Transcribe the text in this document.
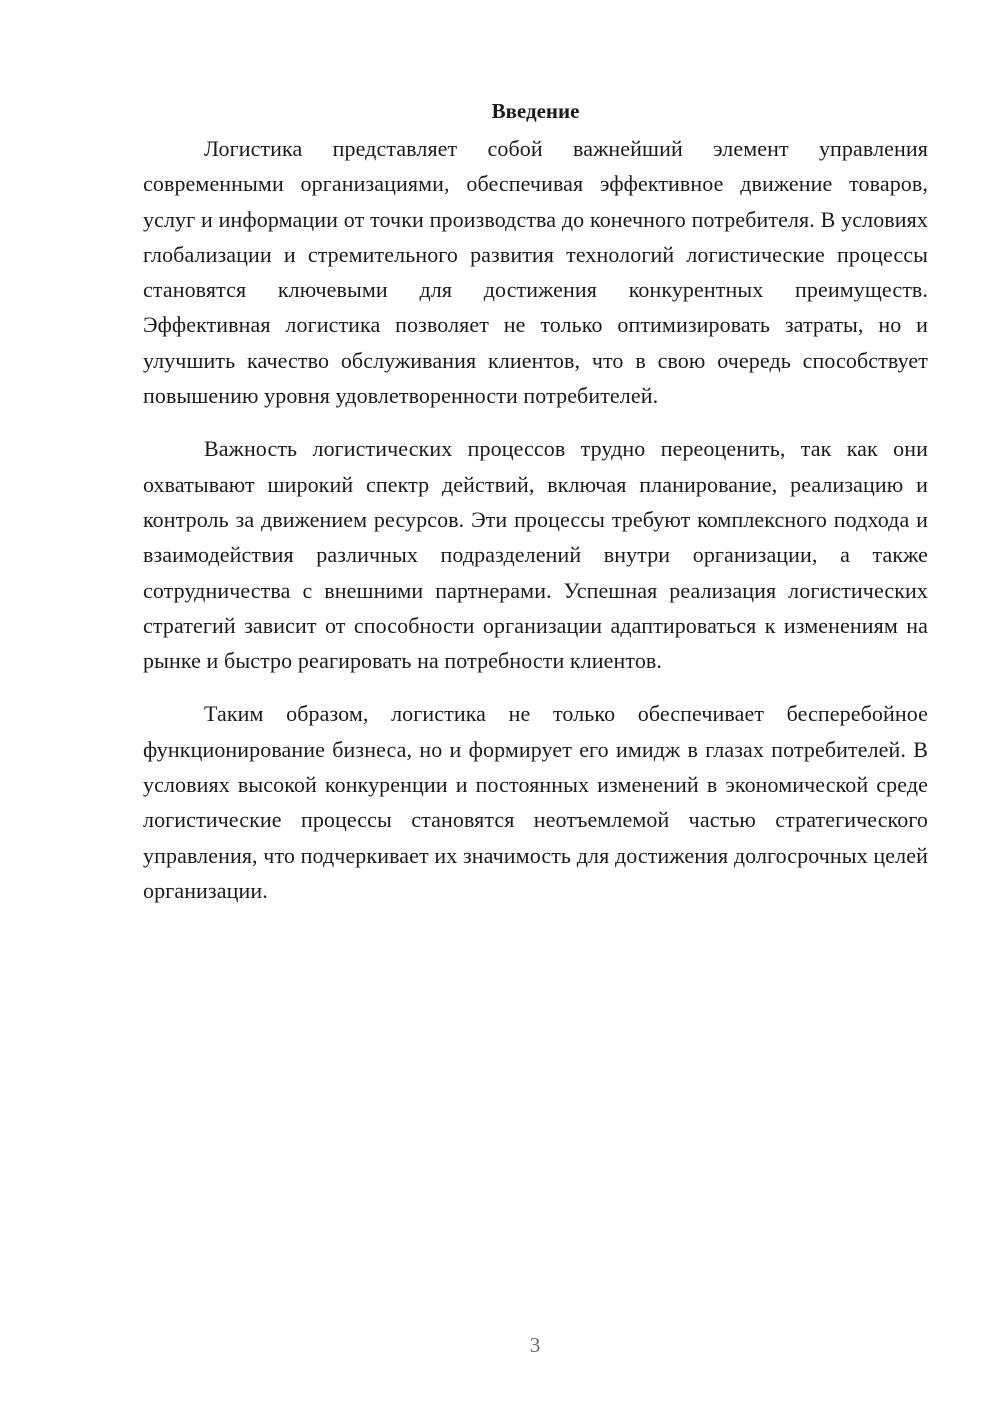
Введение

Логистика представляет собой важнейший элемент управления современными организациями, обеспечивая эффективное движение товаров, услуг и информации от точки производства до конечного потребителя. В условиях глобализации и стремительного развития технологий логистические процессы становятся ключевыми для достижения конкурентных преимуществ. Эффективная логистика позволяет не только оптимизировать затраты, но и улучшить качество обслуживания клиентов, что в свою очередь способствует повышению уровня удовлетворенности потребителей.

Важность логистических процессов трудно переоценить, так как они охватывают широкий спектр действий, включая планирование, реализацию и контроль за движением ресурсов. Эти процессы требуют комплексного подхода и взаимодействия различных подразделений внутри организации, а также сотрудничества с внешними партнерами. Успешная реализация логистических стратегий зависит от способности организации адаптироваться к изменениям на рынке и быстро реагировать на потребности клиентов.

Таким образом, логистика не только обеспечивает бесперебойное функционирование бизнеса, но и формирует его имидж в глазах потребителей. В условиях высокой конкуренции и постоянных изменений в экономической среде логистические процессы становятся неотъемлемой частью стратегического управления, что подчеркивает их значимость для достижения долгосрочных целей организации.

3
